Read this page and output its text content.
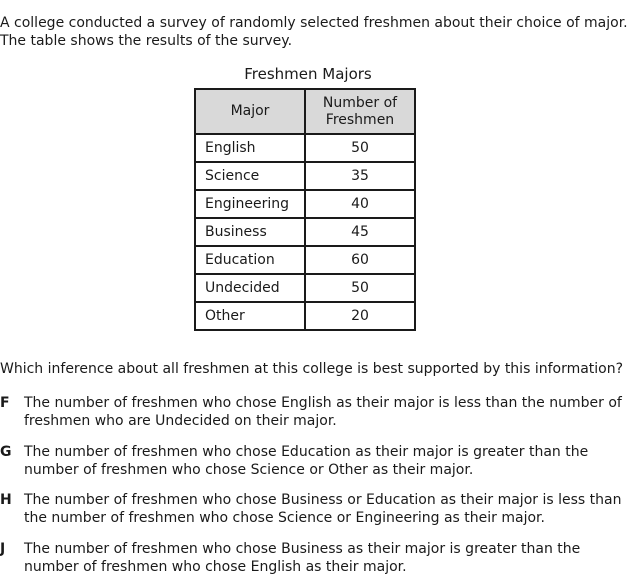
A college conducted a survey of randomly selected freshmen about their choice of major. The table shows the results of the survey.
Freshmen Majors
Major	Number of Freshmen
English	50
Science	35
Engineering	40
Business	45
Education	60
Undecided	50
Other	20
Which inference about all freshmen at this college is best supported by this information?
F The number of freshmen who chose English as their major is less than the number of freshmen who are Undecided on their major.
G The number of freshmen who chose Education as their major is greater than the number of freshmen who chose Science or Other as their major.
H The number of freshmen who chose Business or Education as their major is less than the number of freshmen who chose Science or Engineering as their major.
J The number of freshmen who chose Business as their major is greater than the number of freshmen who chose English as their major.
